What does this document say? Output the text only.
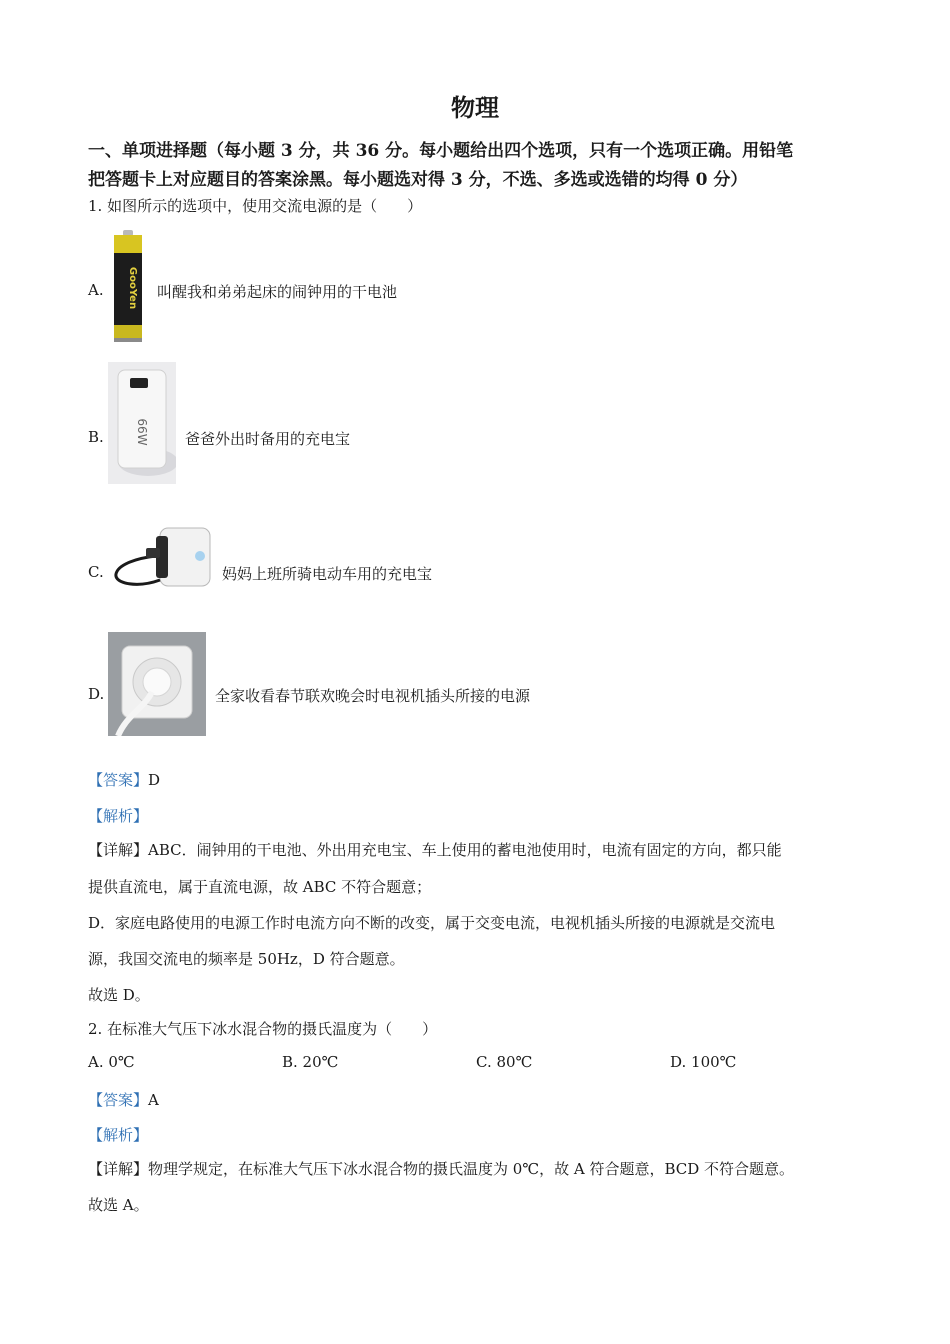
物理
一、单项进择题（每小题 3 分，共 36 分。每小题给出四个选项，只有一个选项正确。用铅笔
把答题卡上对应题目的答案涂黑。每小题选对得 3 分，不选、多选或选错的均得 0 分）
1. 如图所示的选项中，使用交流电源的是（　　）
A. GooYen 叫醒我和弟弟起床的闹钟用的干电池
B.	66W 爸爸外出时备用的充电宝
C.	妈妈上班所骑电动车用的充电宝
D.	全家收看春节联欢晚会时电视机插头所接的电源
【答案】D
【解析】
【详解】ABC．闹钟用的干电池、外出用充电宝、车上使用的蓄电池使用时，电流有固定的方向，都只能
提供直流电，属于直流电源，故 ABC 不符合题意；
D．家庭电路使用的电源工作时电流方向不断的改变，属于交变电流，电视机插头所接的电源就是交流电
源，我国交流电的频率是 50Hz，D 符合题意。
故选 D。
2. 在标准大气压下冰水混合物的摄氏温度为（　　）
A. 0℃	B. 20℃	C. 80℃	D. 100℃
【答案】A
【解析】
【详解】物理学规定，在标准大气压下冰水混合物的摄氏温度为 0℃，故 A 符合题意，BCD 不符合题意。
故选 A。
